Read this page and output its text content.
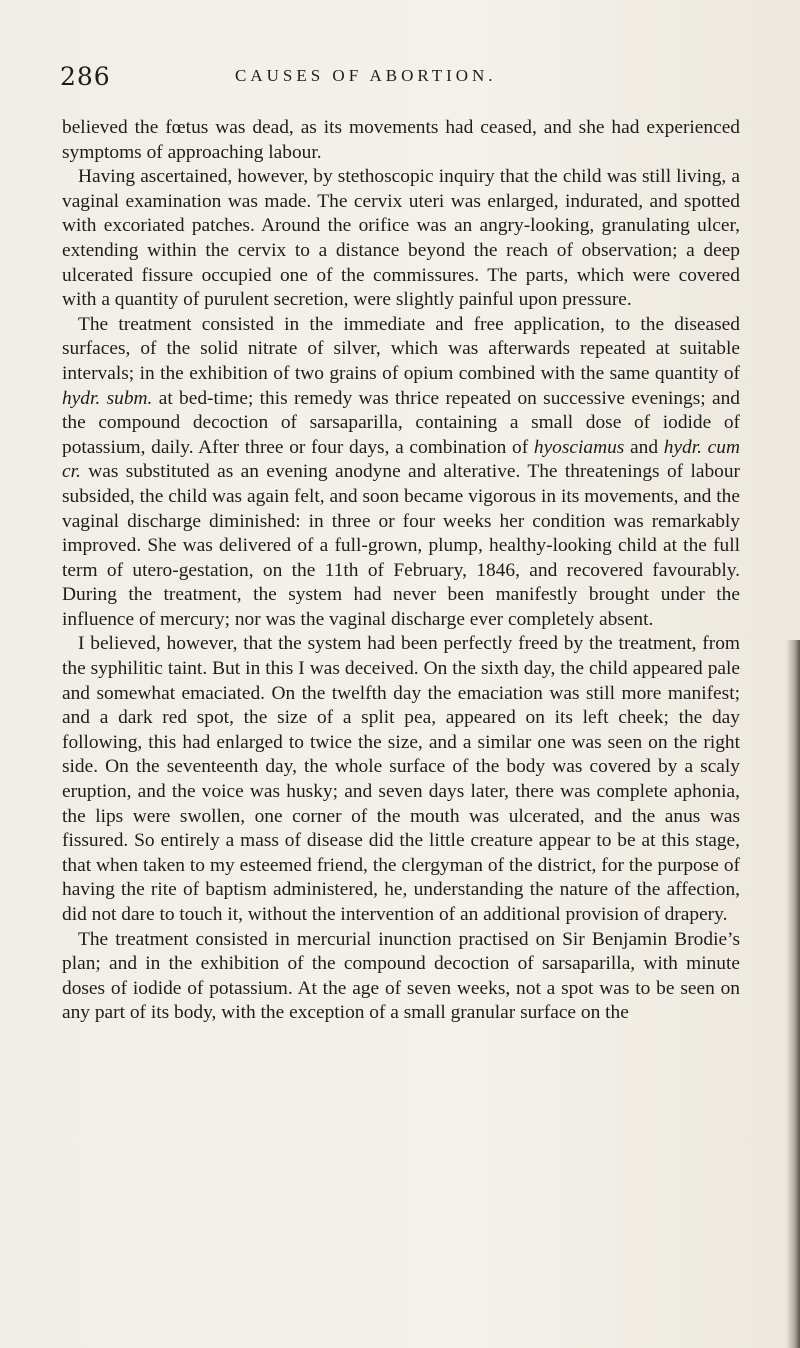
286	CAUSES OF ABORTION.

believed the fœtus was dead, as its movements had ceased, and she had experienced symptoms of approaching labour.

Having ascertained, however, by stethoscopic inquiry that the child was still living, a vaginal examination was made. The cervix uteri was enlarged, indurated, and spotted with excoriated patches. Around the orifice was an angry-looking, granulating ulcer, extending within the cervix to a distance beyond the reach of observation; a deep ulcerated fissure occupied one of the commissures. The parts, which were covered with a quantity of purulent secretion, were slightly painful upon pressure.

The treatment consisted in the immediate and free application, to the diseased surfaces, of the solid nitrate of silver, which was afterwards repeated at suitable intervals; in the exhibition of two grains of opium combined with the same quantity of hydr. subm. at bed-time; this remedy was thrice repeated on successive evenings; and the compound decoction of sarsaparilla, containing a small dose of iodide of potassium, daily. After three or four days, a combination of hyosciamus and hydr. cum cr. was substituted as an evening anodyne and alterative. The threatenings of labour subsided, the child was again felt, and soon became vigorous in its movements, and the vaginal discharge diminished: in three or four weeks her condition was remarkably improved. She was delivered of a full-grown, plump, healthy-looking child at the full term of utero-gestation, on the 11th of February, 1846, and recovered favourably. During the treatment, the system had never been manifestly brought under the influence of mercury; nor was the vaginal discharge ever completely absent.

I believed, however, that the system had been perfectly freed by the treatment, from the syphilitic taint. But in this I was deceived. On the sixth day, the child appeared pale and somewhat emaciated. On the twelfth day the emaciation was still more manifest; and a dark red spot, the size of a split pea, appeared on its left cheek; the day following, this had enlarged to twice the size, and a similar one was seen on the right side. On the seventeenth day, the whole surface of the body was covered by a scaly eruption, and the voice was husky; and seven days later, there was complete aphonia, the lips were swollen, one corner of the mouth was ulcerated, and the anus was fissured. So entirely a mass of disease did the little creature appear to be at this stage, that when taken to my esteemed friend, the clergyman of the district, for the purpose of having the rite of baptism administered, he, understanding the nature of the affection, did not dare to touch it, without the intervention of an additional provision of drapery.

The treatment consisted in mercurial inunction practised on Sir Benjamin Brodie’s plan; and in the exhibition of the compound decoction of sarsaparilla, with minute doses of iodide of potassium. At the age of seven weeks, not a spot was to be seen on any part of its body, with the exception of a small granular surface on the
